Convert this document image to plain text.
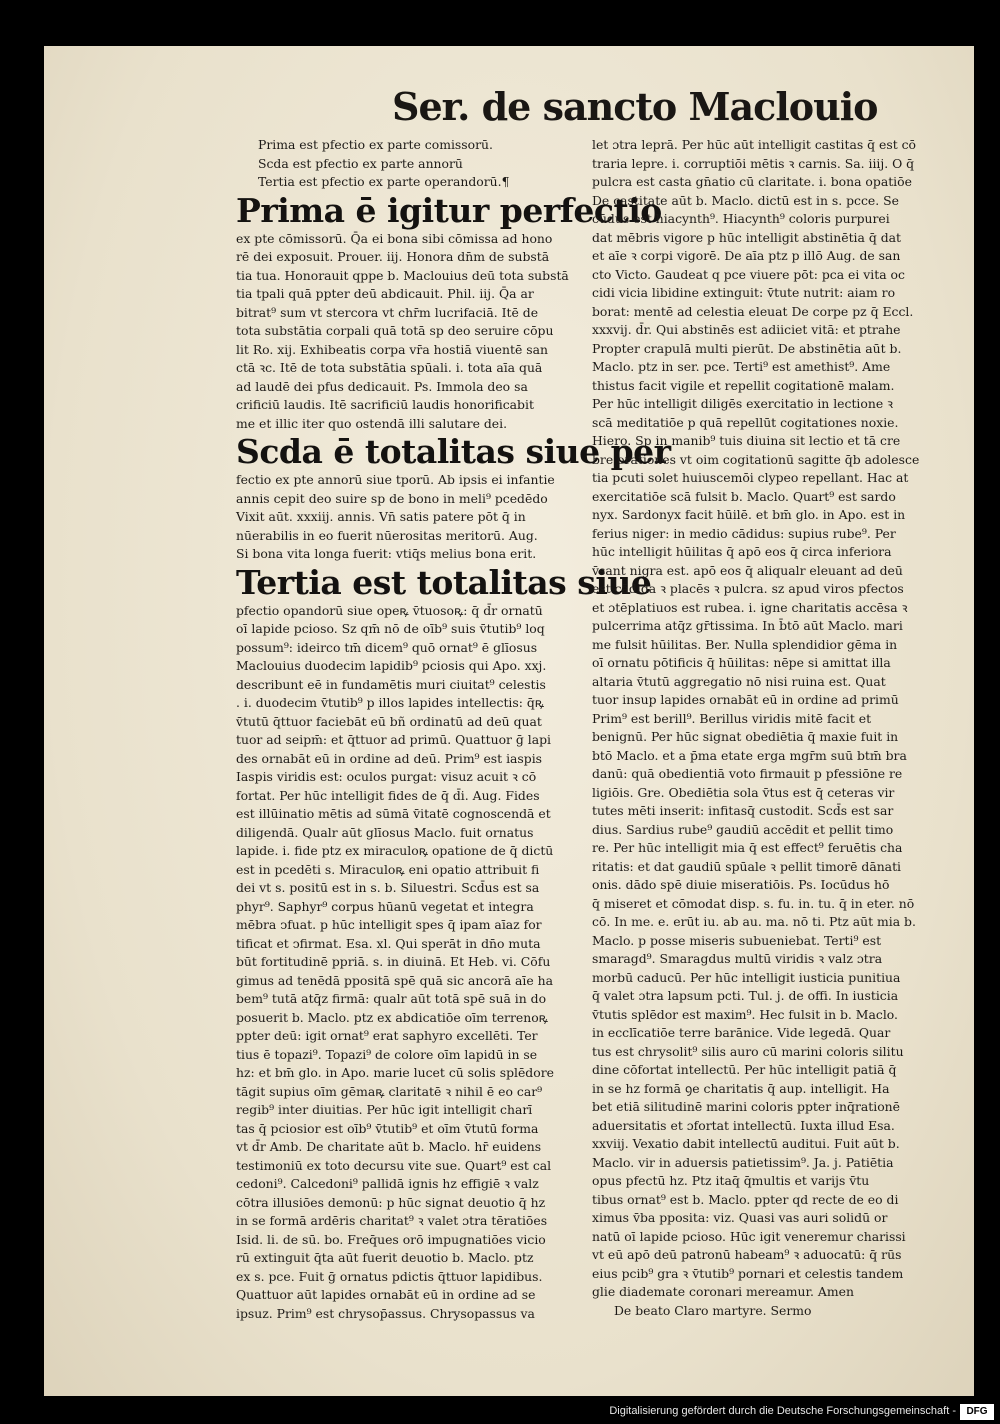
Ser. de sancto Maclouio
Prima est pfectio ex parte comissorū.
Scda est pfectio ex parte annorū
Tertia est pfectio ex parte operandorū.¶
Prima ē igitur perfectio
ex pte cōmissorū. Q̄a ei bona sibi cōmissa ad hono
rē dei exposuit. Prouer. iij. Honora dn̄m de substā
tia tua. Honorauit qppe b. Maclouius deū tota substā
tia tpali quā ppter deū abdicauit. Phil. iij. Q̄a ar
bitrat⁹ sum vt stercora vt chr̄m lucrifaciā. Itē de
tota substātia corpali quā totā sp deo seruire cōpu
lit Ro. xij. Exhibeatis corpa vr̄a hostiā viuentē san
ctā ꝛc. Itē de tota substātia spūali. i. tota aīa quā
ad laudē dei pfus dedicauit. Ps. Immola deo sa
crificiū laudis. Itē sacrificiū laudis honorificabit
me et illic iter quo ostendā illi salutare dei.
Scda ē totalitas siue per
fectio ex pte annorū siue tporū. Ab ipsis ei infantie
annis cepit deo suire sp de bono in meli⁹ pcedēdo
Vixit aūt. xxxiij. annis. Vn̄ satis patere pōt q̄ in
nūerabilis in eo fuerit nūerositas meritorū. Aug.
Si bona vita longa fuerit: vtiq̄s melius bona erit.
Tertia est totalitas siue
pfectio opandorū siue opeꝶ v̄tuosoꝶ: q̄ d̄r ornatū
oī lapide pcioso. Sz qm̄ nō de oīb⁹ suis v̄tutib⁹ loq
possum⁹: ideirco tm̄ dicem⁹ quō ornat⁹ ē glīosus
Maclouius duodecim lapidib⁹ pciosis qui Apo. xxj.
describunt eē in fundamētis muri ciuitat⁹ celestis
. i. duodecim v̄tutib⁹ p illos lapides intellectis: q̄ꝶ
v̄tutū q̄ttuor faciebāt eū bñ ordinatū ad deū quat
tuor ad seipm̄: et q̄ttuor ad primū. Quattuor ḡ lapi
des ornabāt eū in ordine ad deū. Prim⁹ est iaspis
Iaspis viridis est: oculos purgat: visuz acuit ꝛ cō
fortat. Per hūc intelligit fides de q̄ d̄i. Aug. Fides
est illūinatio mētis ad sūmā v̄itatē cognoscendā et
diligendā. Qualr aūt glīosus Maclo. fuit ornatus
lapide. i. fide ptz ex miraculoꝶ opatione de q̄ dictū
est in pcedēti s. Miraculoꝶ eni opatio attribuit fi
dei vt s. positū est in s. b. Siluestri. Scd̄us est sa
phyr⁹. Saphyr⁹ corpus hūanū vegetat et integra
mēbra ↄfuat. p hūc intelligit spes q̄ ipam aīaz for
tificat et ↄfirmat. Esa. xl. Qui sperāt in dn̄o muta
būt fortitudinē ppriā. s. in diuinā. Et Heb. vi. Cōfu
gimus ad tenēdā ppositā spē quā sic ancorā aīe ha
bem⁹ tutā atq̄z firmā: qualr aūt totā spē suā in do
posuerit b. Maclo. ptz ex abdicatiōe oīm terrenoꝶ
ppter deū: igit ornat⁹ erat saphyro excellēti. Ter
tius ē topazi⁹. Topazi⁹ de colore oīm lapidū in se
hz: et bm̄ glo. in Apo. marie lucet cū solis splēdore
tāgit supius oīm gēmaꝶ claritatē ꝛ nihil ē eo car⁹
regib⁹ inter diuitias. Per hūc igit intelligit charī
tas q̄ pciosior est oīb⁹ v̄tutib⁹ et oīm v̄tutū forma
vt d̄r Amb. De charitate aūt b. Maclo. hr̄ euidens
testimoniū ex toto decursu vite sue. Quart⁹ est cal
cedoni⁹. Calcedoni⁹ pallidā ignis hz effigiē ꝛ valz
cōtra illusiōes demonū: p hūc signat deuotio q̄ hz
in se formā ardēris charitat⁹ ꝛ valet ɔtra tēratiōes
Isid. li. de sū. bo. Freq̄ues orō impugnatiōes vicio
rū extinguit q̄ta aūt fuerit deuotio b. Maclo. ptz
ex s. pce. Fuit ḡ ornatus pdictis q̄ttuor lapidibus.
Quattuor aūt lapides ornabāt eū in ordine ad se
ipsuz. Prim⁹ est chrysop̄assus. Chrysopassus va
let ɔtra leprā. Per hūc aūt intelligit castitas q̄ est cō
traria lepre. i. corruptiōi mētis ꝛ carnis. Sa. iiij. O q̄
pulcra est casta gn̄atio cū claritate. i. bona opatiōe
De castitate aūt b. Maclo. dictū est in s. pcce. Se
cūdus est hiacynth⁹. Hiacynth⁹ coloris purpurei
dat mēbris vigore p hūc intelligit abstinētia q̄ dat
et aīe ꝛ corpi vigorē. De aīa ptz p illō Aug. de san
cto Victo. Gaudeat q pce viuere pōt: pca ei vita oc
cidi vicia libidine extinguit: v̄tute nutrit: aiam ro
borat: mentē ad celestia eleuat De corpe pz q̄ Eccl.
xxxvij. d̄r. Qui abstinēs est adiiciet vitā: et ptrahe
Propter crapulā multi pierūt. De abstinētia aūt b.
Maclo. ptz in ser. pce. Terti⁹ est amethist⁹. Ame
thistus facit vigile et repellit cogitationē malam.
Per hūc intelligit diligēs exercitatio in lectione ꝛ
scā meditatiōe p quā repellūt cogitationes noxie.
Hiero. Sp in manib⁹ tuis diuina sit lectio et tā cre
bre orationes vt oim cogitationū sagitte q̄b adolesce
tia pcuti solet huiuscemōi clypeo repellant. Hac at
exercitatiōe scā fulsit b. Maclo. Quart⁹ est sardo
nyx. Sardonyx facit hūilē. et bm̄ glo. in Apo. est in
ferius niger: in medio cādidus: supius rube⁹. Per
hūc intelligit hūilitas q̄ apō eos q̄ circa inferiora
v̄sant nigra est. apō eos q̄ aliqualr eleuant ad deū
est cādida ꝛ placēs ꝛ pulcra. sz apud viros pfectos
et ɔtēplatiuos est rubea. i. igne charitatis accēsa ꝛ
pulcerrima atq̄z gr̄tissima. In b̄tō aūt Maclo. mari
me fulsit hūilitas. Ber. Nulla splendidior gēma in
oī ornatu pōtificis q̄ hūilitas: nēpe si amittat illa
altaria v̄tutū aggregatio nō nisi ruina est. Quat
tuor insup lapides ornabāt eū in ordine ad primū
Prim⁹ est berill⁹. Berillus viridis mitē facit et
benignū. Per hūc signat obediētia q̄ maxie fuit in
btō Maclo. et a p̄ma etate erga mgr̄m suū btm̄ bra
danū: quā obedientiā voto firmauit p pfessiōne re
ligiōis. Gre. Obediētia sola v̄tus est q̄ ceteras vir
tutes mēti inserit: infitasq̄ custodit. Scd̄s est sar
dius. Sardius rube⁹ gaudiū accēdit et pellit timo
re. Per hūc intelligit mia q̄ est effect⁹ feruētis cha
ritatis: et dat gaudiū spūale ꝛ pellit timorē dānati
onis. dādo spē diuie miseratiōis. Ps. Iocūdus hō
q̄ miseret et cōmodat disp. s. fu. in. tu. q̄ in eter. nō
cō. In me. e. erūt iu. ab au. ma. nō ti. Ptz aūt mia b.
Maclo. p posse miseris subueniebat. Terti⁹ est
smaragd⁹. Smaragdus multū viridis ꝛ valz ɔtra
morbū caducū. Per hūc intelligit iusticia punitiua
q̄ valet ɔtra lapsum pcti. Tul. j. de offi. In iusticia
v̄tutis splēdor est maxim⁹. Hec fulsit in b. Maclo.
in ecclīcatiōe terre barānice. Vide legedā. Quar
tus est chrysolit⁹ silis auro cū marini coloris silitu
dine cōfortat intellectū. Per hūc intelligit patiā q̄
in se hz formā ꝯe charitatis q̄ aup. intelligit. Ha
bet etiā silitudinē marini coloris ppter inq̄rationē
aduersitatis et ɔfortat intellectū. Iuxta illud Esa.
xxviij. Vexatio dabit intellectū auditui. Fuit aūt b.
Maclo. vir in aduersis patietissim⁹. Ja. j. Patiētia
opus pfectū hz. Ptz itaq̄ q̄multis et varijs v̄tu
tibus ornat⁹ est b. Maclo. ppter qd recte de eo di
ximus v̄ba pposita: viz. Quasi vas auri solidū or
natū oī lapide pcioso. Hūc igit veneremur charissi
vt eū apō deū patronū habeam⁹ ꝛ aduocatū: q̄ rūs
eius pcib⁹ gra ꝛ v̄tutib⁹ pornari et celestis tandem
glie diademate coronari mereamur. Amen
De beato Claro martyre. Sermo
Digitalisierung gefördert durch die Deutsche Forschungsgemeinschaft -	DFG
